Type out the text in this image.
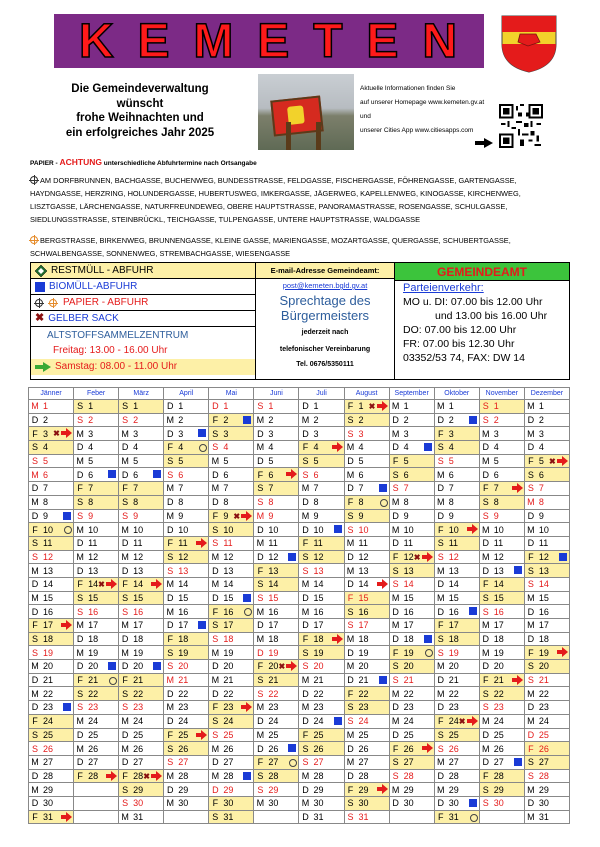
K E M E T E N
Die Gemeindeverwaltung
wünscht
frohe Weihnachten und
ein erfolgreiches Jahr 2025
Aktuelle Informationen finden Sie
auf unserer Homepage www.kemeten.gv.at
und
unserer Cities App www.citiesapps.com
PAPIER - ACHTUNG unterschiedliche Abfuhrtermine nach Ortsangabe
AM DORFBRUNNEN, BACHGASSE, BUCHENWEG, BUNDESSTRASSE, FELDGASSE, FISCHERGASSE, FÖHRENGASSE, GARTENGASSE, HAYDNGASSE, HERZRING, HOLUNDERGASSE, HUBERTUSWEG, IMKERGASSE, JÄGERWEG, KAPELLENWEG, KINOGASSE, KIRCHENWEG, LISZTGASSE, LÄRCHENGASSE, NATURFREUNDEWEG, OBERE HAUPTSTRASSE, PANORAMASTRASSE, ROSENGASSE, SCHULGASSE, SIEDLUNGSSTRASSE, STEINBRÜCKL, TEICHGASSE, TULPENGASSE, UNTERE HAUPTSTRASSE, WALDGASSE
BERGSTRASSE, BIRKENWEG, BRUNNENGASSE, KLEINE GASSE, MARIENGASSE, MOZARTGASSE, QUERGASSE, SCHUBERTGASSE, SCHWALBENGASSE, SONNENWEG, STREMBACHGASSE, WIESENGASSE
RESTMÜLL - ABFUHR
BIOMÜLL-ABFUHR
PAPIER - ABFUHR
✖ GELBER SACK
ALTSTOFFSAMMELZENTRUM
Freitag: 13.00 - 16.00 Uhr
Samstag: 08.00 - 11.00 Uhr
E-mail-Adresse Gemeindeamt:
post@kemeten.bgld.gv.at
Sprechtage des
Bürgermeisters
jederzeit nach
telefonischer Vereinbarung
Tel. 0676/5350111
GEMEINDEAMT
Parteienverkehr:
MO u. DI: 07.00 bis 12.00 Uhr
und 13.00 bis 16.00 Uhr
DO: 07.00 bis 12.00 Uhr
FR: 07.00 bis 12.30 Uhr
03352/53 74, FAX: DW 14
Jänner	Feber	März	April	Mai	Juni	Juli	August	September	Oktober	November	Dezember

M 1	S 1	S 1	D 1	D 1	S 1	D 1	F 1 ✖	M 1	M 1	S 1	M 1

D 2	S 2	S 2	M 2	F 2	M 2	M 2	S 2	D 2	D 2	S 2	D 2

F 3 ✖	M 3	M 3	D 3	S 3	D 3	D 3	S 3	M 3	F 3	M 3	M 3

S 4	D 4	D 4	F 4	S 4	M 4	F 4	M 4	D 4	S 4	D 4	D 4

S 5	M 5	M 5	S 5	M 5	D 5	S 5	D 5	F 5	S 5	M 5	F 5 ✖

M 6	D 6	D 6	S 6	D 6	F 6	S 6	M 6	S 6	M 6	D 6	S 6

D 7	F 7	F 7	M 7	M 7	S 7	M 7	D 7	S 7	D 7	F 7	S 7

M 8	S 8	S 8	D 8	D 8	S 8	D 8	F 8	M 8	M 8	S 8	M 8

D 9	S 9	S 9	M 9	F 9 ✖	M 9	M 9	S 9	D 9	D 9	S 9	D 9

F 10	M 10	M 10	D 10	S 10	D 10	D 10	S 10	M 10	F 10	M 10	M 10

S 11	D 11	D 11	F 11	S 11	M 11	F 11	M 11	D 11	S 11	D 11	D 11

S 12	M 12	M 12	S 12	M 12	D 12	S 12	D 12	F 12 ✖	S 12	M 12	F 12

M 13	D 13	D 13	S 13	D 13	F 13	S 13	M 13	S 13	M 13	D 13	S 13

D 14	F 14 ✖	F 14	M 14	M 14	S 14	M 14	D 14	S 14	D 14	F 14	S 14

M 15	S 15	S 15	D 15	D 15	S 15	D 15	F 15	M 15	M 15	S 15	M 15

D 16	S 16	S 16	M 16	F 16	M 16	M 16	S 16	D 16	D 16	S 16	D 16

F 17	M 17	M 17	D 17	S 17	D 17	D 17	S 17	M 17	F 17	M 17	M 17

S 18	D 18	D 18	F 18	S 18	M 18	F 18	M 18	D 18	S 18	D 18	D 18

S 19	M 19	M 19	S 19	M 19	D 19	S 19	D 19	F 19	S 19	M 19	F 19

M 20	D 20	D 20	S 20	D 20	F 20 ✖	S 20	M 20	S 20	M 20	D 20	S 20

D 21	F 21	F 21	M 21	M 21	S 21	M 21	D 21	S 21	D 21	F 21	S 21

M 22	S 22	S 22	D 22	D 22	S 22	D 22	F 22	M 22	M 22	S 22	M 22

D 23	S 23	S 23	M 23	F 23	M 23	M 23	S 23	D 23	D 23	S 23	D 23

F 24	M 24	M 24	D 24	S 24	D 24	D 24	S 24	M 24	F 24 ✖	M 24	M 24

S 25	D 25	D 25	F 25	S 25	M 25	F 25	M 25	D 25	S 25	D 25	D 25

S 26	M 26	M 26	S 26	M 26	D 26	S 26	D 26	F 26	S 26	M 26	F 26

M 27	D 27	D 27	S 27	D 27	F 27	S 27	M 27	S 27	M 27	D 27	S 27

D 28	F 28	F 28 ✖	M 28	M 28	S 28	M 28	D 28	S 28	D 28	F 28	S 28

M 29		S 29	D 29	D 29	S 29	D 29	F 29	M 29	M 29	S 29	M 29

D 30		S 30	M 30	F 30	M 30	M 30	S 30	D 30	D 30	S 30	D 30

F 31		M 31		S 31		D 31	S 31		F 31		M 31
